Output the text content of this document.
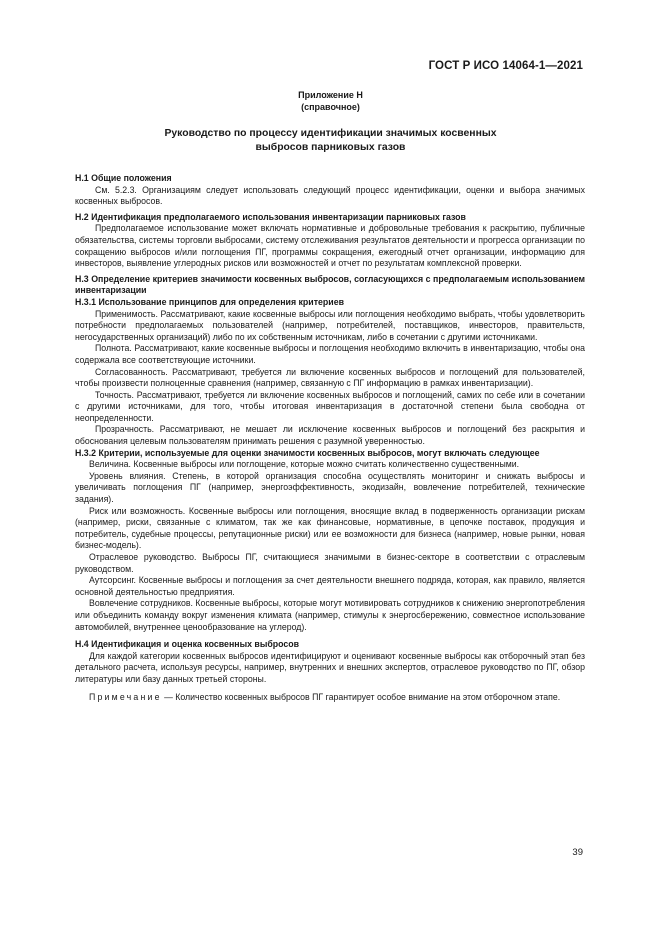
ГОСТ Р ИСО 14064-1—2021
Приложение Н
(справочное)
Руководство по процессу идентификации значимых косвенных
выбросов парниковых газов

Н.1 Общие положения

См. 5.2.3. Организациям следует использовать следующий процесс идентификации, оценки и выбора значимых косвенных выбросов.

Н.2 Идентификация предполагаемого использования инвентаризации парниковых газов

Предполагаемое использование может включать нормативные и добровольные требования к раскрытию, публичные обязательства, системы торговли выбросами, систему отслеживания результатов деятельности и прогресса организации по сокращению выбросов и/или поглощения ПГ, программы сокращения, ежегодный отчет организации, информацию для инвесторов, выявление углеродных рисков или возможностей и отчет по результатам комплексной проверки.

Н.3 Определение критериев значимости косвенных выбросов, согласующихся с предполагаемым использованием инвентаризации

Н.3.1 Использование принципов для определения критериев

Применимость. Рассматривают, какие косвенные выбросы или поглощения необходимо выбрать, чтобы удовлетворить потребности предполагаемых пользователей (например, потребителей, поставщиков, инвесторов, правительств, негосударственных организаций) либо по их собственным источникам, либо в сочетании с другими источниками.

Полнота. Рассматривают, какие косвенные выбросы и поглощения необходимо включить в инвентаризацию, чтобы она содержала все соответствующие источники.

Согласованность. Рассматривают, требуется ли включение косвенных выбросов и поглощений для пользователей, чтобы произвести полноценные сравнения (например, связанную с ПГ информацию в рамках инвентаризации).

Точность. Рассматривают, требуется ли включение косвенных выбросов и поглощений, самих по себе или в сочетании с другими источниками, для того, чтобы итоговая инвентаризация в достаточной степени была свободна от неопределенности.

Прозрачность. Рассматривают, не мешает ли исключение косвенных выбросов и поглощений без раскрытия и обоснования целевым пользователям принимать решения с разумной уверенностью.

Н.3.2 Критерии, используемые для оценки значимости косвенных выбросов, могут включать следующее

Величина. Косвенные выбросы или поглощение, которые можно считать количественно существенными.

Уровень влияния. Степень, в которой организация способна осуществлять мониторинг и снижать выбросы и увеличивать поглощения ПГ (например, энергоэффективность, экодизайн, вовлечение потребителей, технические задания).

Риск или возможность. Косвенные выбросы или поглощения, вносящие вклад в подверженность организации рискам (например, риски, связанные с климатом, так же как финансовые, нормативные, в цепочке поставок, продукция и потребитель, судебные процессы, репутационные риски) или ее возможности для бизнеса (например, новые рынки, новая бизнес-модель).

Отраслевое руководство. Выбросы ПГ, считающиеся значимыми в бизнес-секторе в соответствии с отраслевым руководством.

Аутсорсинг. Косвенные выбросы и поглощения за счет деятельности внешнего подряда, которая, как правило, является основной деятельностью предприятия.

Вовлечение сотрудников. Косвенные выбросы, которые могут мотивировать сотрудников к снижению энергопотребления или объединить команду вокруг изменения климата (например, стимулы к энергосбережению, совместное использование автомобилей, внутреннее ценообразование на углерод).

Н.4 Идентификация и оценка косвенных выбросов

Для каждой категории косвенных выбросов идентифицируют и оценивают косвенные выбросы как отборочный этап без детального расчета, используя ресурсы, например, внутренних и внешних экспертов, отраслевое руководство по ПГ, обзор литературы или базу данных третьей стороны.

Примечание — Количество косвенных выбросов ПГ гарантирует особое внимание на этом отборочном этапе.

39
